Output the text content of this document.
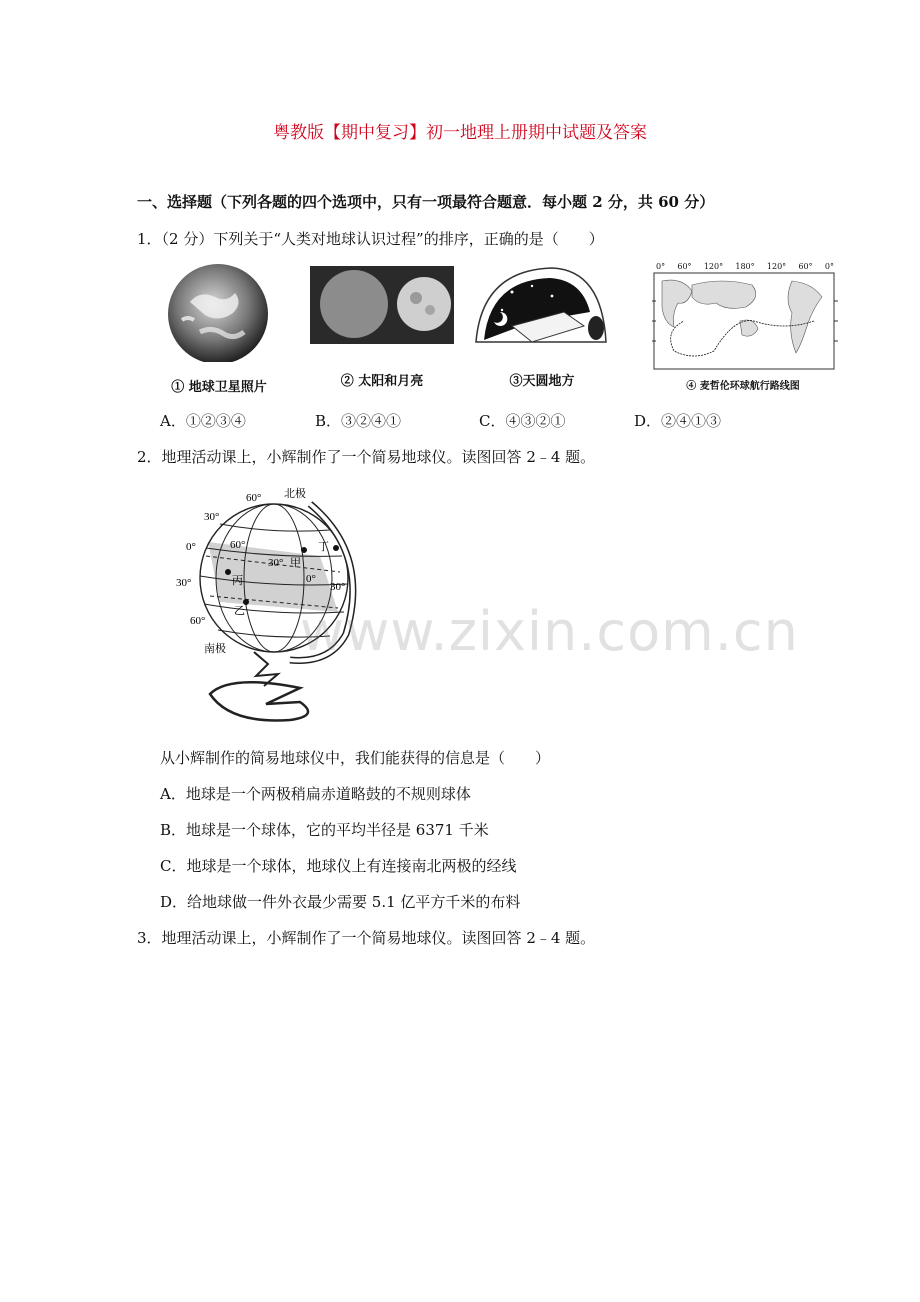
粤教版【期中复习】初一地理上册期中试题及答案
一、选择题（下列各题的四个选项中，只有一项最符合题意．每小题 2 分，共 60 分）
1．（2 分）下列关于“人类对地球认识过程”的排序，正确的是（　　）
① 地球卫星照片	② 太阳和月亮	③天圆地方
0° 60° 120° 180° 120° 60° 0°
④ 麦哲伦环球航行路线图
A．①②③④	B．③②④①	C．④③②①	D．②④①③
2．地理活动课上，小辉制作了一个简易地球仪。读图回答 2﹣4 题。
北极
60°
30°
0°
30°
60°
南极
60°
30° 甲
0°
30°
丙
乙
丁
从小辉制作的简易地球仪中，我们能获得的信息是（　　）
A．地球是一个两极稍扁赤道略鼓的不规则球体
B．地球是一个球体，它的平均半径是 6371 千米
C．地球是一个球体，地球仪上有连接南北两极的经线
D．给地球做一件外衣最少需要 5.1 亿平方千米的布料
3．地理活动课上，小辉制作了一个简易地球仪。读图回答 2﹣4 题。
www.zixin.com.cn
